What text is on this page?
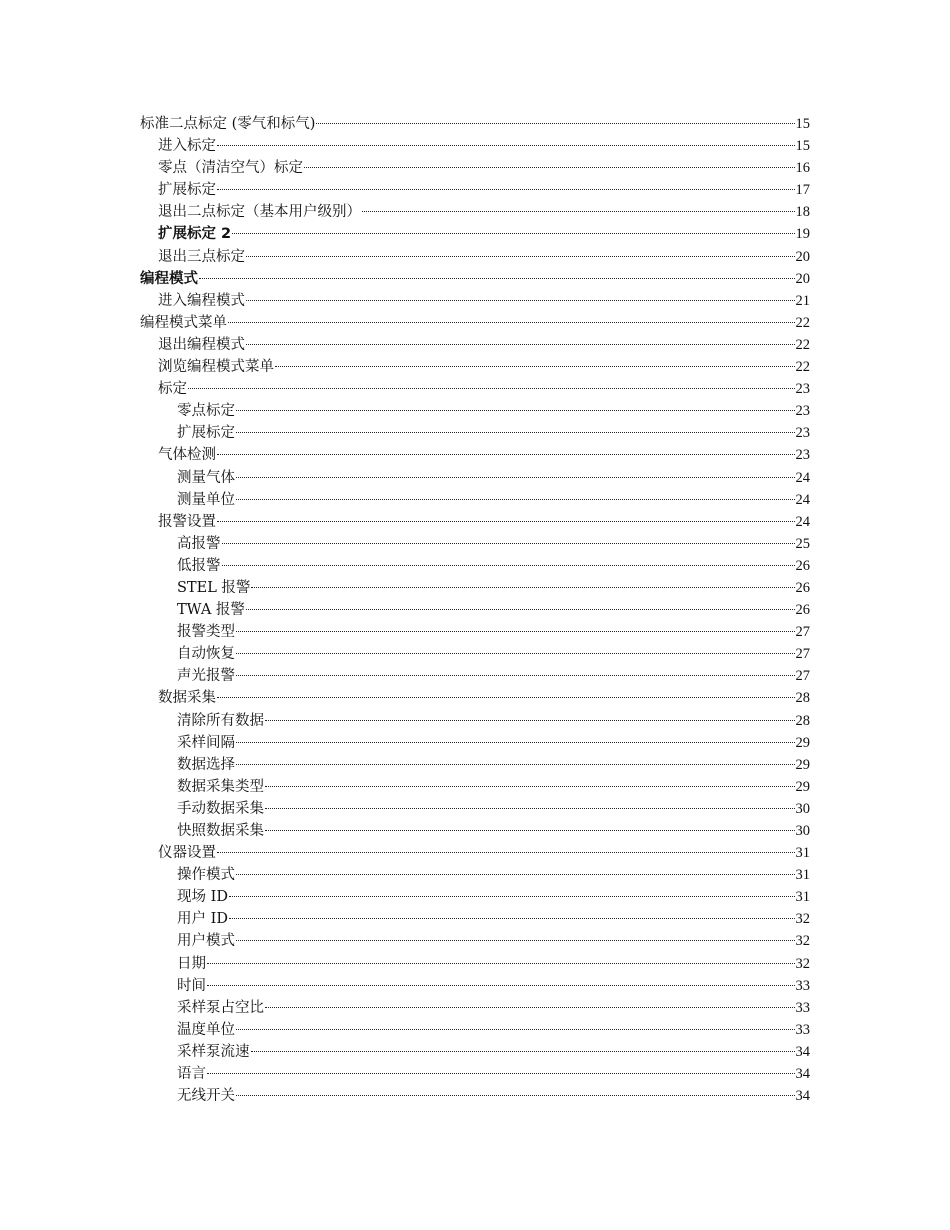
标准二点标定 (零气和标气)	15
进入标定	15
零点（清洁空气）标定	16
扩展标定	17
退出二点标定（基本用户级别）	18
扩展标定 2	19
退出三点标定	20
编程模式	20
进入编程模式	21
编程模式菜单	22
退出编程模式	22
浏览编程模式菜单	22
标定	23
零点标定	23
扩展标定	23
气体检测	23
测量气体	24
测量单位	24
报警设置	24
高报警	25
低报警	26
STEL 报警	26
TWA 报警	26
报警类型	27
自动恢复	27
声光报警	27
数据采集	28
清除所有数据	28
采样间隔	29
数据选择	29
数据采集类型	29
手动数据采集	30
快照数据采集	30
仪器设置	31
操作模式	31
现场 ID	31
用户 ID	32
用户模式	32
日期	32
时间	33
采样泵占空比	33
温度单位	33
采样泵流速	34
语言	34
无线开关	34
